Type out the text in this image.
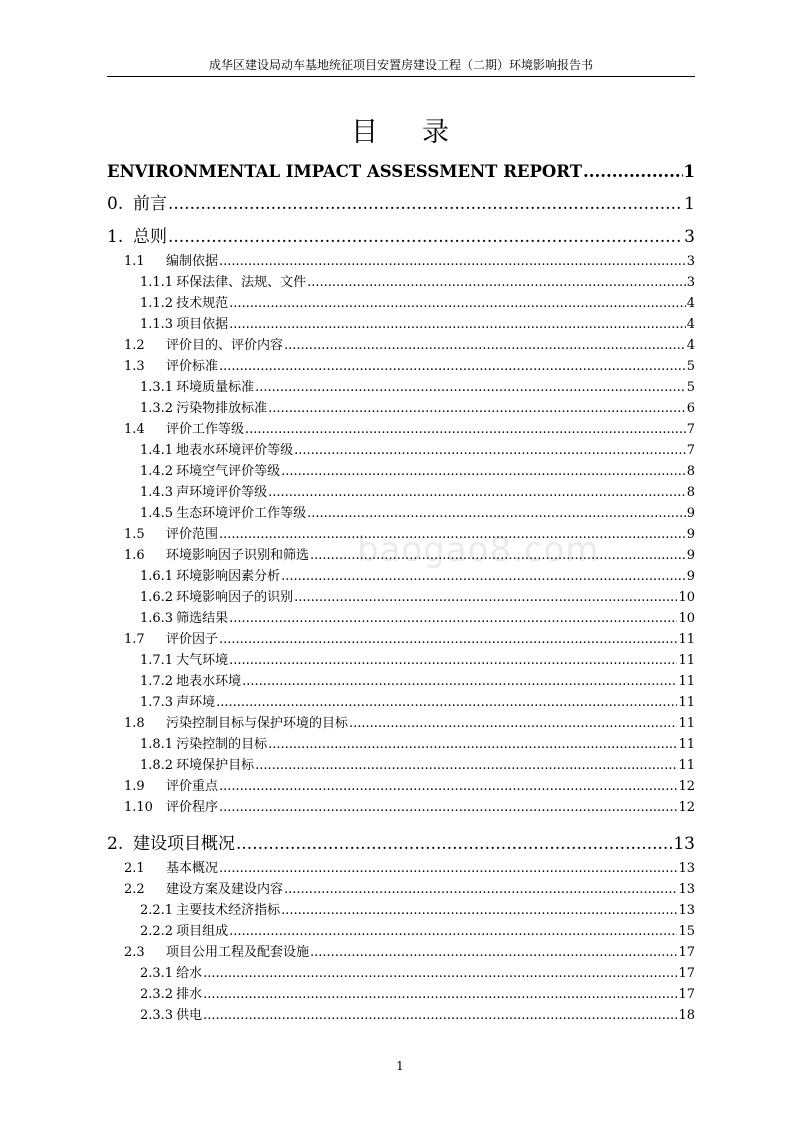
成华区建设局动车基地统征项目安置房建设工程（二期）环境影响报告书
目 录
baogao8.com
ENVIRONMENTAL IMPACT ASSESSMENT REPORT .....	1
0. 前言 .....	1
1. 总则 .....	3
1.1 编制依据 .....	3
1.1.1 环保法律、法规、文件 .....	3
1.1.2 技术规范 .....	4
1.1.3 项目依据 .....	4
1.2 评价目的、评价内容 .....	4
1.3 评价标准 .....	5
1.3.1 环境质量标准 .....	5
1.3.2 污染物排放标准 .....	6
1.4 评价工作等级 .....	7
1.4.1 地表水环境评价等级 .....	7
1.4.2 环境空气评价等级 .....	8
1.4.3 声环境评价等级 .....	8
1.4.5 生态环境评价工作等级 .....	9
1.5 评价范围 .....	9
1.6 环境影响因子识别和筛选 .....	9
1.6.1 环境影响因素分析 .....	9
1.6.2 环境影响因子的识别 .....	10
1.6.3 筛选结果 .....	10
1.7 评价因子 .....	11
1.7.1 大气环境 .....	11
1.7.2 地表水环境 .....	11
1.7.3 声环境 .....	11
1.8 污染控制目标与保护环境的目标 .....	11
1.8.1 污染控制的目标 .....	11
1.8.2 环境保护目标 .....	11
1.9 评价重点 .....	12
1.10 评价程序 .....	12
2. 建设项目概况 .....	13
2.1 基本概况 .....	13
2.2 建设方案及建设内容 .....	13
2.2.1 主要技术经济指标 .....	13
2.2.2 项目组成 .....	15
2.3 项目公用工程及配套设施 .....	17
2.3.1 给水 .....	17
2.3.2 排水 .....	17
2.3.3 供电 .....	18
1
